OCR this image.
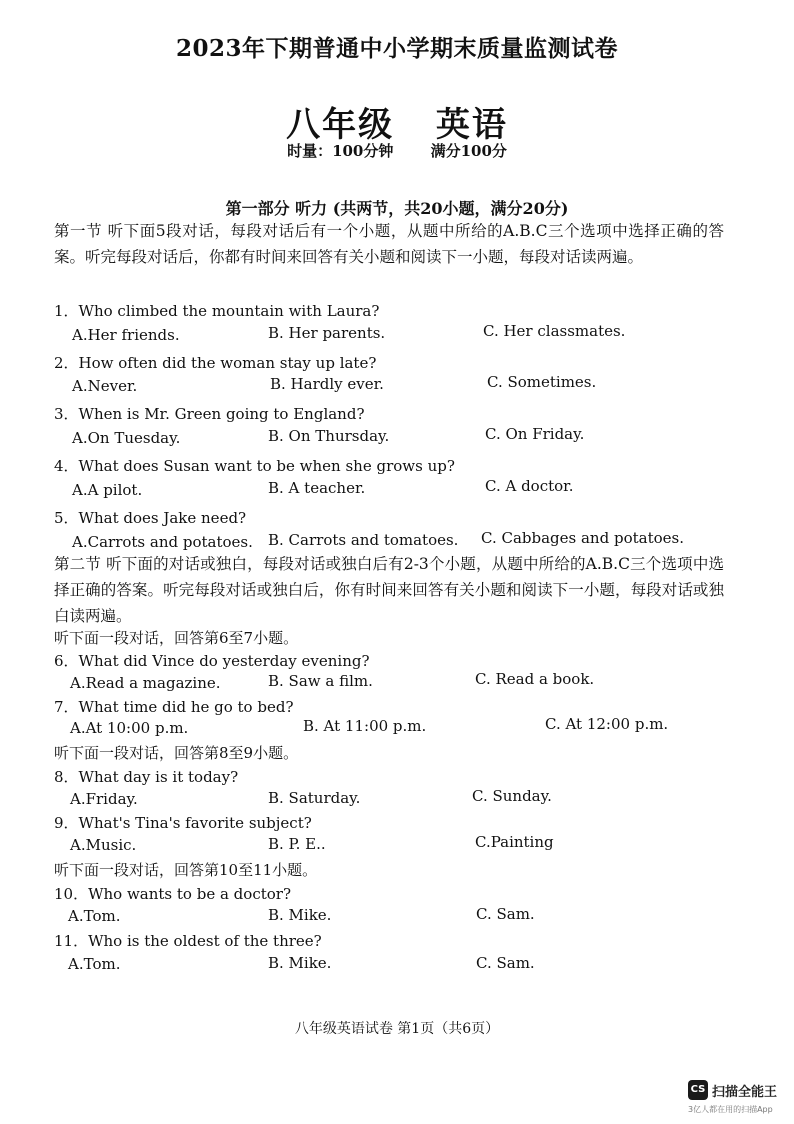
2023年下期普通中小学期末质量监测试卷
八年级 英语
时量：100分钟 满分100分
第一部分 听力 (共两节，共20小题，满分20分)
第一节 听下面5段对话，每段对话后有一个小题，从题中所给的A.B.C三个选项中选择正确的答案。听完每段对话后，你都有时间来回答有关小题和阅读下一小题，每段对话读两遍。
1．Who climbed the mountain with Laura?
A.Her friends.	B. Her parents.	C. Her classmates.
2．How often did the woman stay up late?
A.Never.	B. Hardly ever.	C. Sometimes.
3．When is Mr. Green going to England?
A.On Tuesday.	B. On Thursday.	C. On Friday.
4．What does Susan want to be when she grows up?
A.A pilot.	B. A teacher.	C. A doctor.
5．What does Jake need?
A.Carrots and potatoes. B. Carrots and tomatoes. C. Cabbages and potatoes.
第二节 听下面的对话或独白，每段对话或独白后有2-3个小题，从题中所给的A.B.C三个选项中选择正确的答案。听完每段对话或独白后，你有时间来回答有关小题和阅读下一小题，每段对话或独白读两遍。
听下面一段对话，回答第6至7小题。
6．What did Vince do yesterday evening?
A.Read a magazine.	B. Saw a film.	C. Read a book.
7．What time did he go to bed?
A.At 10:00 p.m.	B. At 11:00 p.m.	C. At 12:00 p.m.
听下面一段对话，回答第8至9小题。
8．What day is it today?
A.Friday.	B. Saturday.	C. Sunday.
9．What's Tina's favorite subject?
A.Music.	B. P. E..	C.Painting
听下面一段对话，回答第10至11小题。
10．Who wants to be a doctor?
A.Tom.	B. Mike.	C. Sam.
11．Who is the oldest of the three?
A.Tom.	B. Mike.	C. Sam.
八年级英语试卷 第1页（共6页）
CS 扫描全能王
3亿人都在用的扫描App
